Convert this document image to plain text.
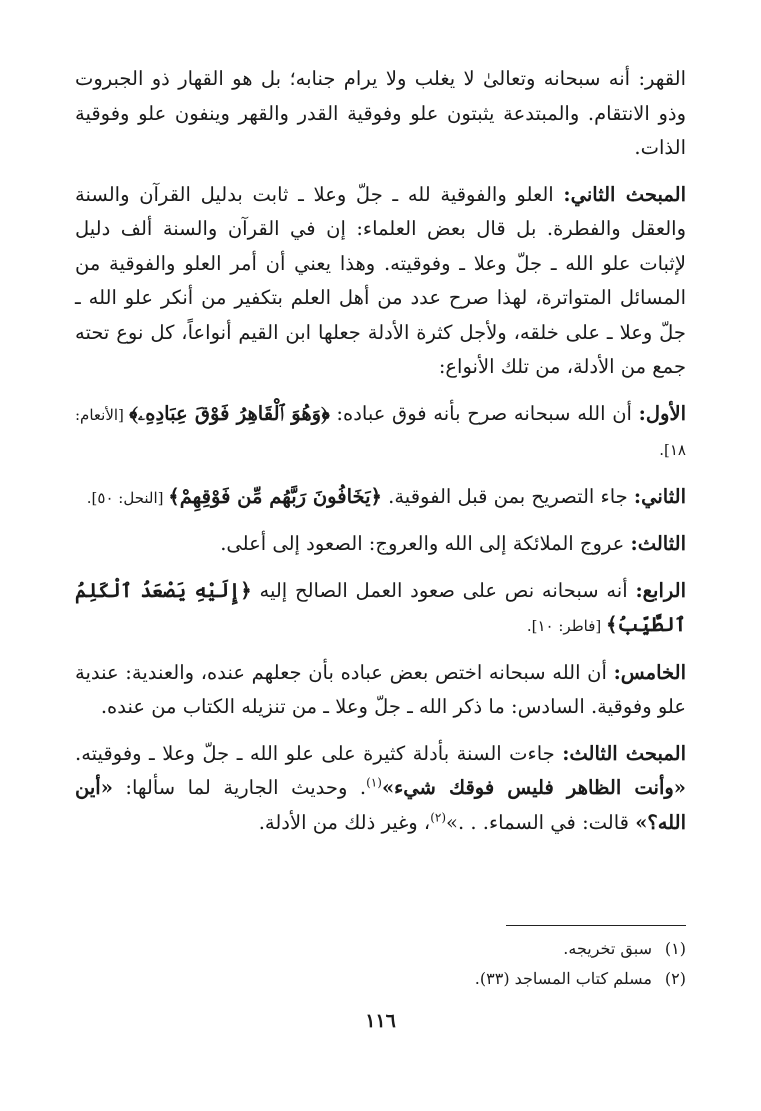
القهر: أنه سبحانه وتعالىٰ لا يغلب ولا يرام جنابه؛ بل هو القهار ذو الجبروت وذو الانتقام. والمبتدعة يثبتون علو وفوقية القدر والقهر وينفون علو وفوقية الذات.

المبحث الثاني: العلو والفوقية لله ـ جلّ وعلا ـ ثابت بدليل القرآن والسنة والعقل والفطرة. بل قال بعض العلماء: إن في القرآن والسنة ألف دليل لإثبات علو الله ـ جلّ وعلا ـ وفوقيته. وهذا يعني أن أمر العلو والفوقية من المسائل المتواترة، لهذا صرح عدد من أهل العلم بتكفير من أنكر علو الله ـ جلّ وعلا ـ على خلقه، ولأجل كثرة الأدلة جعلها ابن القيم أنواعاً، كل نوع تحته جمع من الأدلة، من تلك الأنواع:

الأول: أن الله سبحانه صرح بأنه فوق عباده: ﴿وَهُوَ ٱلْقَاهِرُ فَوْقَ عِبَادِهِۦ﴾ [الأنعام: ١٨].

الثاني: جاء التصريح بمن قبل الفوقية. ﴿يَخَافُونَ رَبَّهُم مِّن فَوْقِهِمْ﴾ [النحل: ٥٠].

الثالث: عروج الملائكة إلى الله والعروج: الصعود إلى أعلى.

الرابع: أنه سبحانه نص على صعود العمل الصالح إليه ﴿إِلَيْهِ يَصْعَدُ ٱلْكَلِمُ ٱلطَّيِّبُ﴾ [فاطر: ١٠].

الخامس: أن الله سبحانه اختص بعض عباده بأن جعلهم عنده، والعندية: عندية علو وفوقية. السادس: ما ذكر الله ـ جلّ وعلا ـ من تنزيله الكتاب من عنده.

المبحث الثالث: جاءت السنة بأدلة كثيرة على علو الله ـ جلّ وعلا ـ وفوقيته. «وأنت الظاهر فليس فوقك شيء»$^{(١)}$. وحديث الجارية لما سألها: «أين الله؟» قالت: في السماء. . .»$^{(٢)}$، وغير ذلك من الأدلة.

(١)سبق تخريجه.

(٢)مسلم كتاب المساجد (٣٣).

١١٦
